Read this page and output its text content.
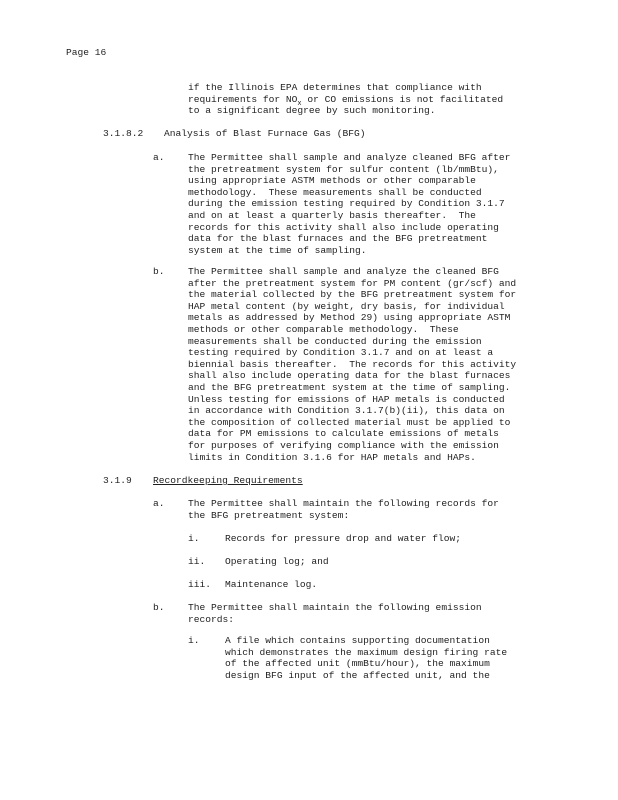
Page 16
if the Illinois EPA determines that compliance with
requirements for $NO_x$ or CO emissions is not facilitated
to a significant degree by such monitoring.
3.1.8.2 Analysis of Blast Furnace Gas (BFG)
a. The Permittee shall sample and analyze cleaned BFG after
the pretreatment system for sulfur content (lb/mmBtu),
using appropriate ASTM methods or other comparable
methodology.  These measurements shall be conducted
during the emission testing required by Condition 3.1.7
and on at least a quarterly basis thereafter.  The
records for this activity shall also include operating
data for the blast furnaces and the BFG pretreatment
system at the time of sampling.
b. The Permittee shall sample and analyze the cleaned BFG
after the pretreatment system for PM content (gr/scf) and
the material collected by the BFG pretreatment system for
HAP metal content (by weight, dry basis, for individual
metals as addressed by Method 29) using appropriate ASTM
methods or other comparable methodology.  These
measurements shall be conducted during the emission
testing required by Condition 3.1.7 and on at least a
biennial basis thereafter.  The records for this activity
shall also include operating data for the blast furnaces
and the BFG pretreatment system at the time of sampling.
Unless testing for emissions of HAP metals is conducted
in accordance with Condition 3.1.7(b)(ii), this data on
the composition of collected material must be applied to
data for PM emissions to calculate emissions of metals
for purposes of verifying compliance with the emission
limits in Condition 3.1.6 for HAP metals and HAPs.
3.1.9 Recordkeeping Requirements
a. The Permittee shall maintain the following records for
the BFG pretreatment system:
i.	Records for pressure drop and water flow;
ii. Operating log; and
iii. Maintenance log.
b. The Permittee shall maintain the following emission
records:
i.	A file which contains supporting documentation
which demonstrates the maximum design firing rate
of the affected unit (mmBtu/hour), the maximum
design BFG input of the affected unit, and the
